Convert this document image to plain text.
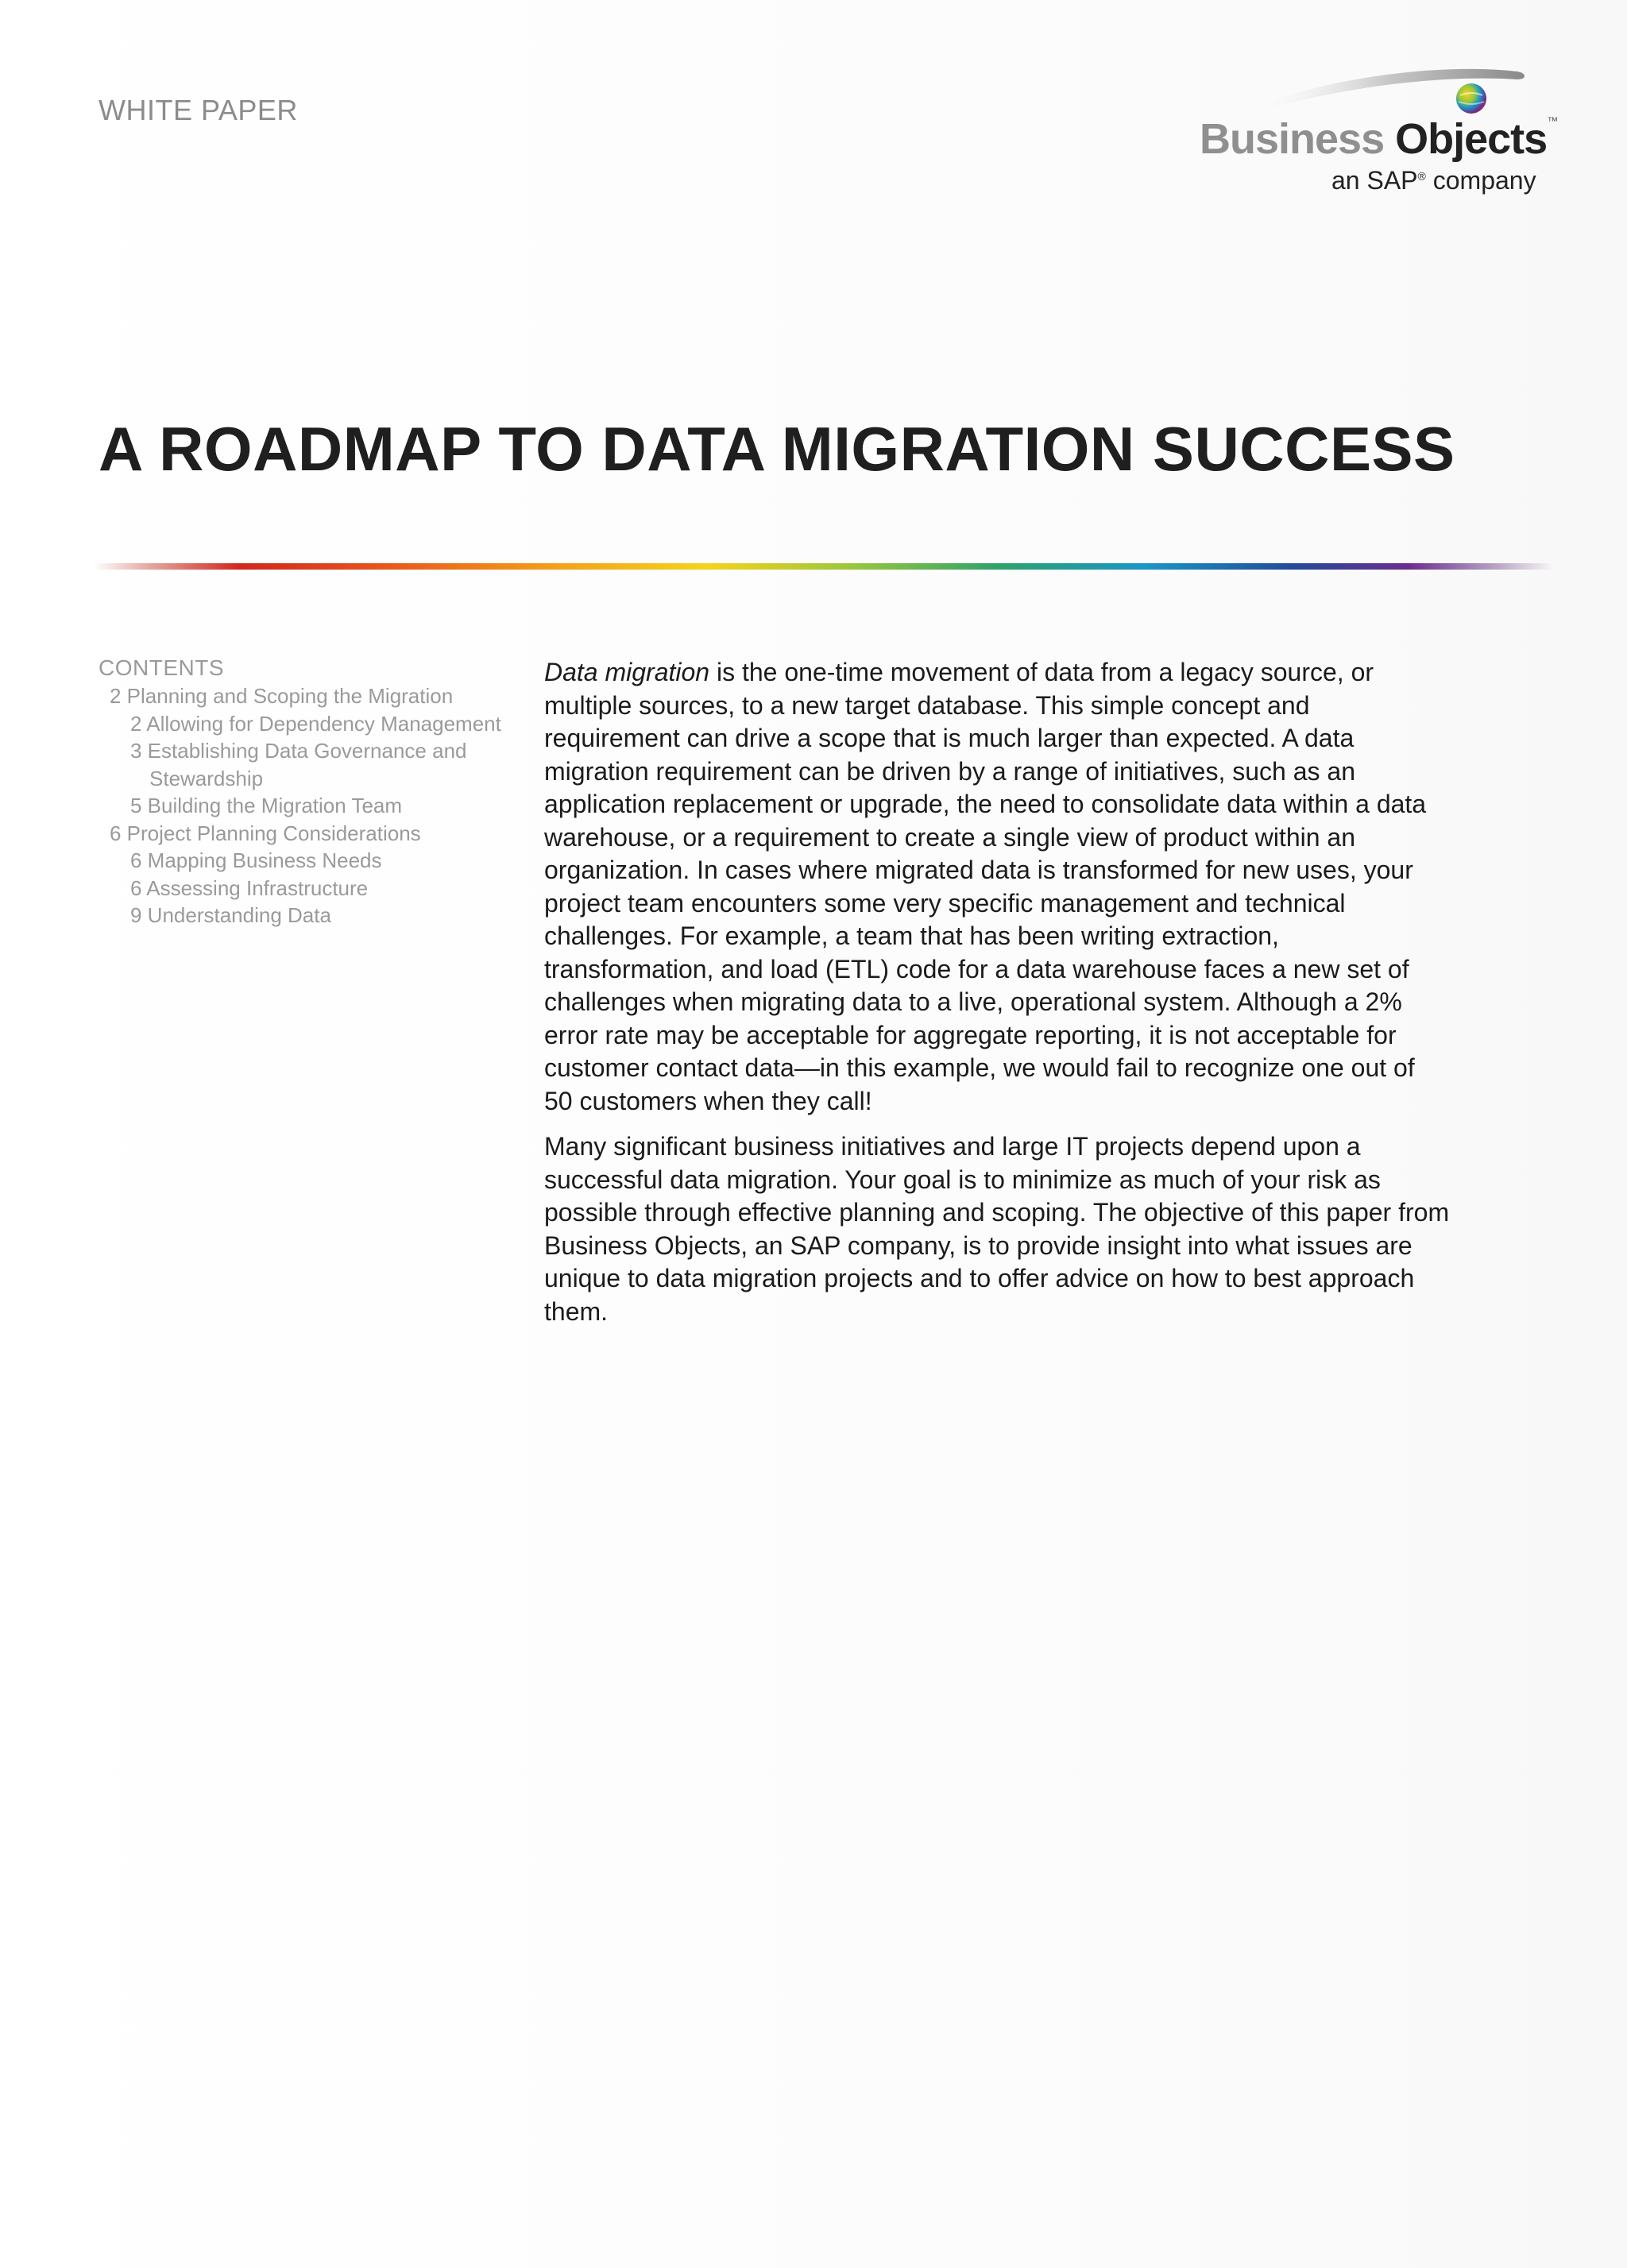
WHITE PAPER
Business Objects™
an SAP® company
A ROADMAP TO DATA MIGRATION SUCCESS
CONTENTS
2 Planning and Scoping the Migration
2 Allowing for Dependency Management
3 Establishing Data Governance and Stewardship
5 Building the Migration Team
6 Project Planning Considerations
6 Mapping Business Needs
6 Assessing Infrastructure
9 Understanding Data

Data migration is the one-time movement of data from a legacy source, or multiple sources, to a new target database. This simple concept and requirement can drive a scope that is much larger than expected. A data migration requirement can be driven by a range of initiatives, such as an application replacement or upgrade, the need to consolidate data within a data warehouse, or a requirement to create a single view of product within an organization. In cases where migrated data is transformed for new uses, your project team encounters some very specific management and technical challenges. For example, a team that has been writing extraction, transformation, and load (ETL) code for a data warehouse faces a new set of challenges when migrating data to a live, operational system. Although a 2% error rate may be acceptable for aggregate reporting, it is not acceptable for customer contact data—in this example, we would fail to recognize one out of 50 customers when they call!

Many significant business initiatives and large IT projects depend upon a successful data migration. Your goal is to minimize as much of your risk as possible through effective planning and scoping. The objective of this paper from Business Objects, an SAP company, is to provide insight into what issues are unique to data migration projects and to offer advice on how to best approach them.
